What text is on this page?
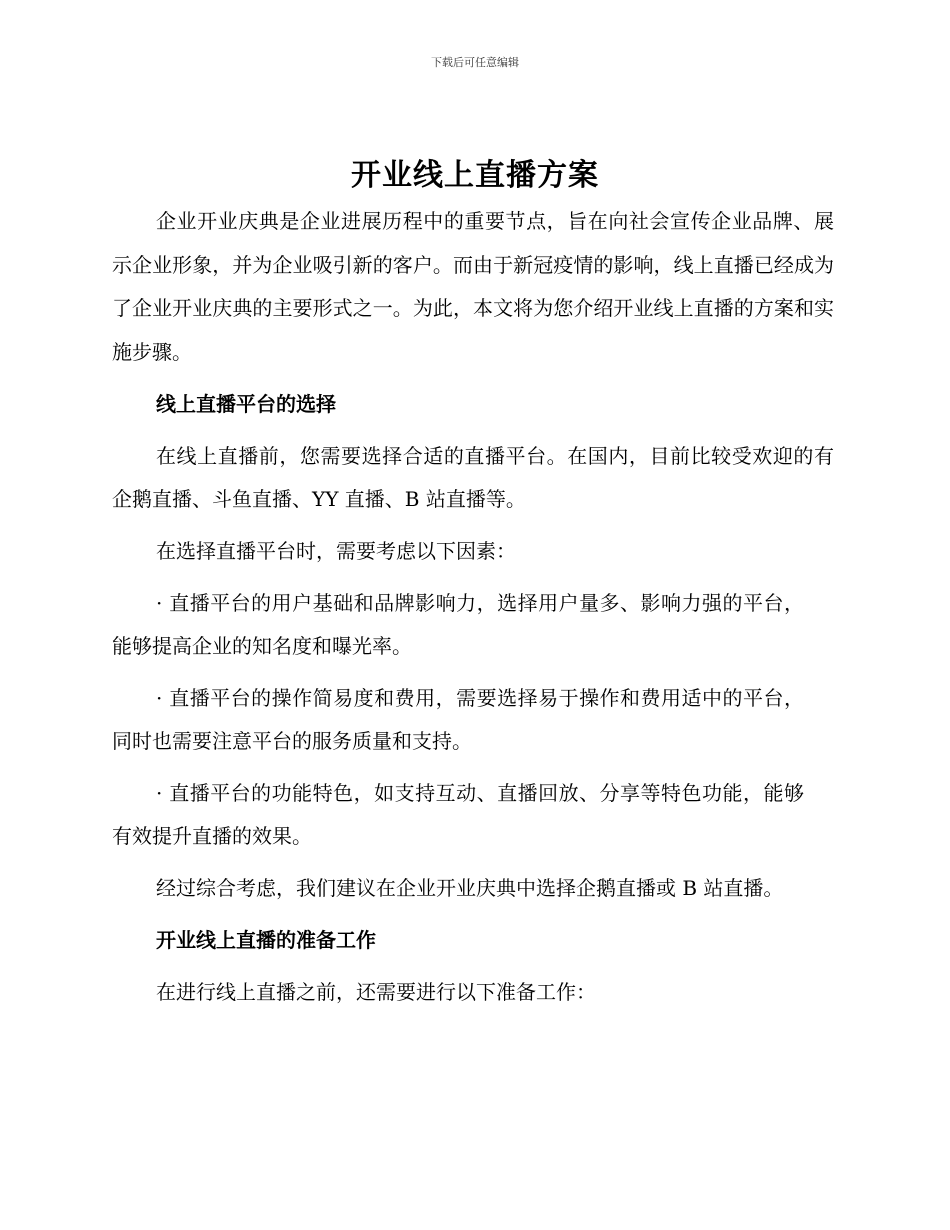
下载后可任意编辑
开业线上直播方案

企业开业庆典是企业进展历程中的重要节点，旨在向社会宣传企业品牌、展示企业形象，并为企业吸引新的客户。而由于新冠疫情的影响，线上直播已经成为了企业开业庆典的主要形式之一。为此，本文将为您介绍开业线上直播的方案和实施步骤。

线上直播平台的选择

在线上直播前，您需要选择合适的直播平台。在国内，目前比较受欢迎的有企鹅直播、斗鱼直播、YY 直播、B 站直播等。

在选择直播平台时，需要考虑以下因素：

· 直播平台的用户基础和品牌影响力，选择用户量多、影响力强的平台，能够提高企业的知名度和曝光率。

· 直播平台的操作简易度和费用，需要选择易于操作和费用适中的平台，同时也需要注意平台的服务质量和支持。

· 直播平台的功能特色，如支持互动、直播回放、分享等特色功能，能够有效提升直播的效果。

经过综合考虑，我们建议在企业开业庆典中选择企鹅直播或 B 站直播。

开业线上直播的准备工作

在进行线上直播之前，还需要进行以下准备工作：
